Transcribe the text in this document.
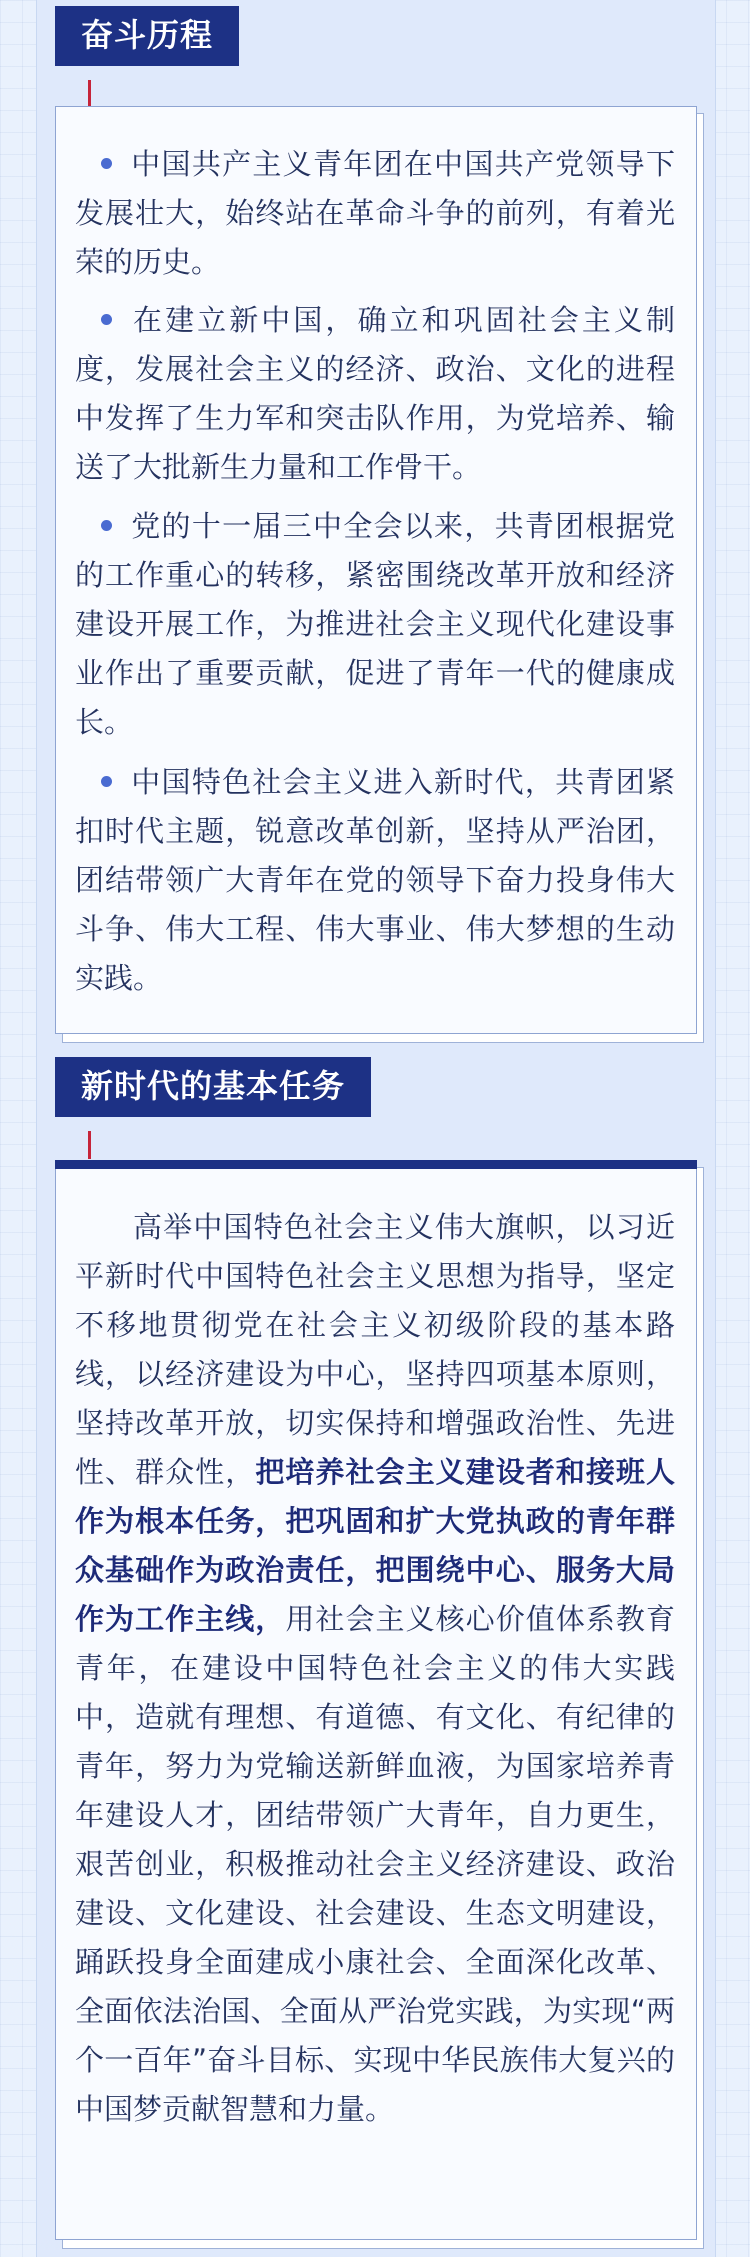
奋斗历程

中国共产主义青年团在中国共产党领导下发展壮大，始终站在革命斗争的前列，有着光荣的历史。

在建立新中国，确立和巩固社会主义制度，发展社会主义的经济、政治、文化的进程中发挥了生力军和突击队作用，为党培养、输送了大批新生力量和工作骨干。

党的十一届三中全会以来，共青团根据党的工作重心的转移，紧密围绕改革开放和经济建设开展工作，为推进社会主义现代化建设事业作出了重要贡献，促进了青年一代的健康成长。

中国特色社会主义进入新时代，共青团紧扣时代主题，锐意改革创新，坚持从严治团，团结带领广大青年在党的领导下奋力投身伟大斗争、伟大工程、伟大事业、伟大梦想的生动实践。

新时代的基本任务

高举中国特色社会主义伟大旗帜，以习近平新时代中国特色社会主义思想为指导，坚定不移地贯彻党在社会主义初级阶段的基本路线，以经济建设为中心，坚持四项基本原则，坚持改革开放，切实保持和增强政治性、先进性、群众性，把培养社会主义建设者和接班人作为根本任务，把巩固和扩大党执政的青年群众基础作为政治责任，把围绕中心、服务大局作为工作主线，用社会主义核心价值体系教育青年，在建设中国特色社会主义的伟大实践中，造就有理想、有道德、有文化、有纪律的青年，努力为党输送新鲜血液，为国家培养青年建设人才，团结带领广大青年，自力更生，艰苦创业，积极推动社会主义经济建设、政治建设、文化建设、社会建设、生态文明建设，踊跃投身全面建成小康社会、全面深化改革、全面依法治国、全面从严治党实践，为实现“两个一百年”奋斗目标、实现中华民族伟大复兴的中国梦贡献智慧和力量。
